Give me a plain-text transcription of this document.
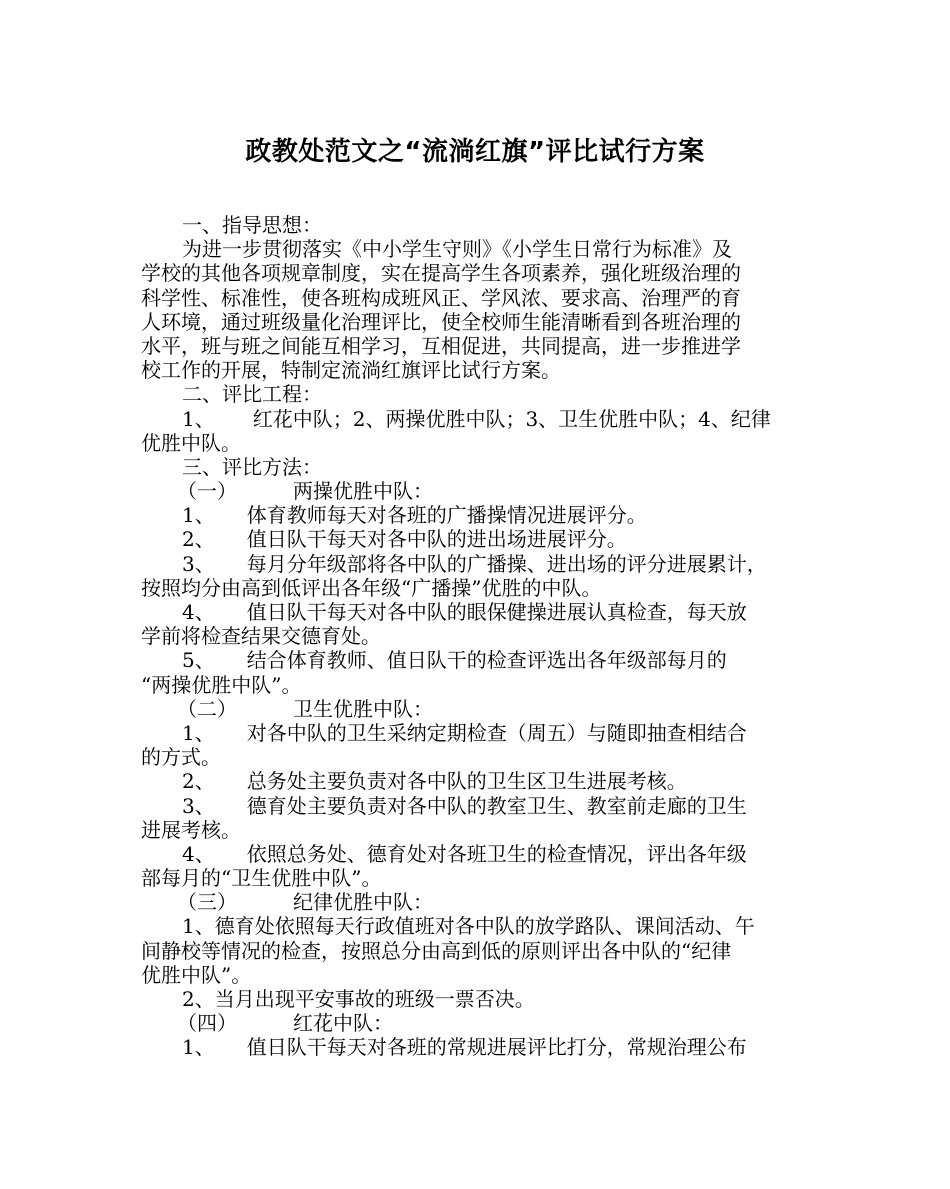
政教处范文之“流淌红旗”评比试行方案
一、指导思想：
为进一步贯彻落实《中小学生守则》《小学生日常行为标准》及
学校的其他各项规章制度，实在提高学生各项素养，强化班级治理的
科学性、标准性，使各班构成班风正、学风浓、要求高、治理严的育
人环境，通过班级量化治理评比，使全校师生能清晰看到各班治理的
水平，班与班之间能互相学习，互相促进，共同提高，进一步推进学
校工作的开展，特制定流淌红旗评比试行方案。
二、评比工程：
1、 红花中队；2、两操优胜中队；3、卫生优胜中队；4、纪律
优胜中队。
三、评比方法：
（一）	两操优胜中队：
1、 体育教师每天对各班的广播操情况进展评分。
2、 值日队干每天对各中队的进出场进展评分。
3、 每月分年级部将各中队的广播操、进出场的评分进展累计，
按照均分由高到低评出各年级“广播操”优胜的中队。
4、 值日队干每天对各中队的眼保健操进展认真检查，每天放
学前将检查结果交德育处。
5、 结合体育教师、值日队干的检查评选出各年级部每月的
“两操优胜中队”。
（二）	卫生优胜中队：
1、 对各中队的卫生采纳定期检查（周五）与随即抽查相结合
的方式。
2、 总务处主要负责对各中队的卫生区卫生进展考核。
3、 德育处主要负责对各中队的教室卫生、教室前走廊的卫生
进展考核。
4、 依照总务处、德育处对各班卫生的检查情况，评出各年级
部每月的“卫生优胜中队”。
（三）	纪律优胜中队：
1、德育处依照每天行政值班对各中队的放学路队、课间活动、午
间静校等情况的检查，按照总分由高到低的原则评出各中队的“纪律
优胜中队”。
2、当月出现平安事故的班级一票否决。
（四）	红花中队：
1、 值日队干每天对各班的常规进展评比打分，常规治理公布
